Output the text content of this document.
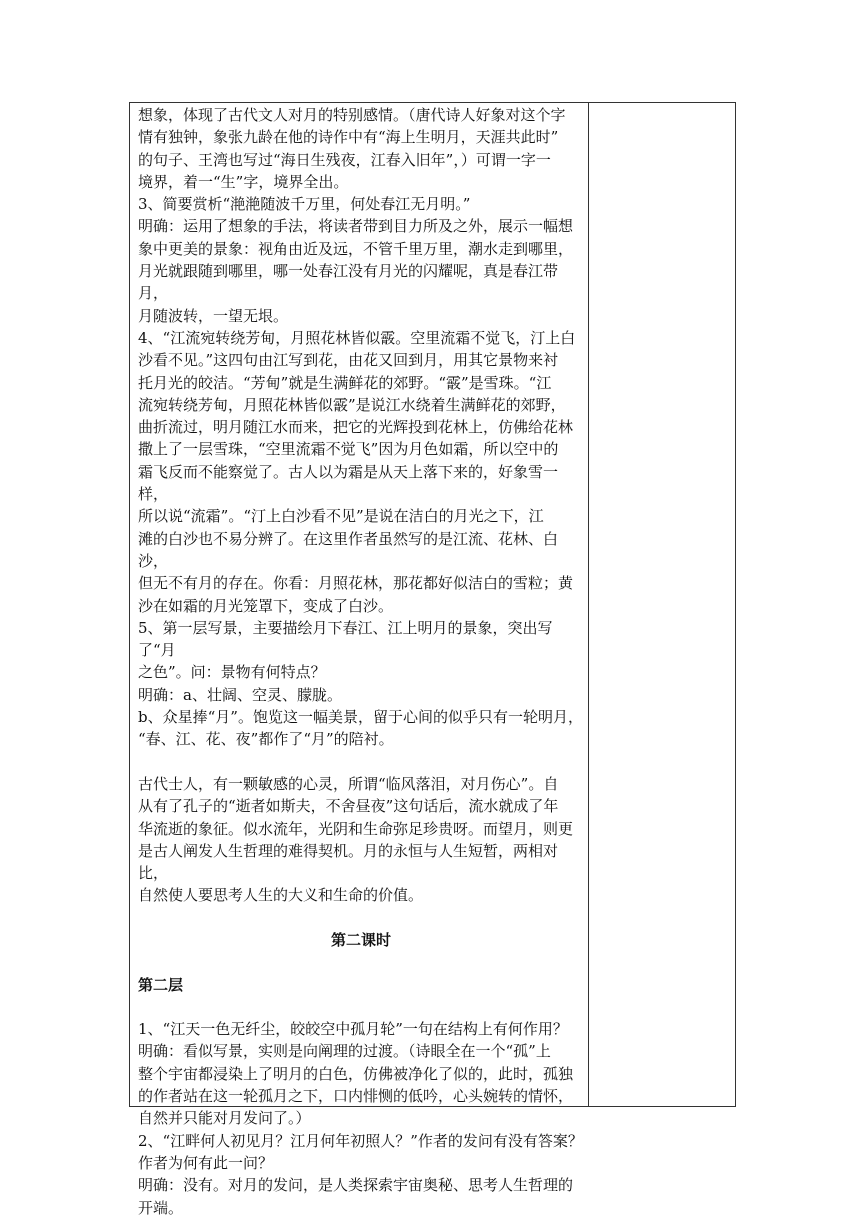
想象，体现了古代文人对月的特别感情。（唐代诗人好象对这个字

情有独钟，象张九龄在他的诗作中有“海上生明月，天涯共此时”

的句子、王湾也写过“海日生残夜，江春入旧年”，）可谓一字一

境界，着一“生”字，境界全出。

3、简要赏析“滟滟随波千万里，何处春江无月明。”

明确：运用了想象的手法，将读者带到目力所及之外，展示一幅想

象中更美的景象：视角由近及远，不管千里万里，潮水走到哪里，

月光就跟随到哪里，哪一处春江没有月光的闪耀呢，真是春江带月，

月随波转，一望无垠。

4、“江流宛转绕芳甸，月照花林皆似霰。空里流霜不觉飞，汀上白

沙看不见。”这四句由江写到花，由花又回到月，用其它景物来衬

托月光的皎洁。“芳甸”就是生满鲜花的郊野。“霰”是雪珠。“江

流宛转绕芳甸，月照花林皆似霰”是说江水绕着生满鲜花的郊野，

曲折流过，明月随江水而来，把它的光辉投到花林上，仿佛给花林

撒上了一层雪珠，“空里流霜不觉飞”因为月色如霜，所以空中的

霜飞反而不能察觉了。古人以为霜是从天上落下来的，好象雪一样，

所以说“流霜”。“汀上白沙看不见”是说在洁白的月光之下，江

滩的白沙也不易分辨了。在这里作者虽然写的是江流、花林、白沙，

但无不有月的存在。你看：月照花林，那花都好似洁白的雪粒；黄

沙在如霜的月光笼罩下，变成了白沙。

5、第一层写景，主要描绘月下春江、江上明月的景象，突出写了“月

之色”。问：景物有何特点？

明确：a、壮阔、空灵、朦胧。

b、众星捧“月”。饱览这一幅美景，留于心间的似乎只有一轮明月，

“春、江、花、夜”都作了“月”的陪衬。

古代士人，有一颗敏感的心灵，所谓“临风落泪，对月伤心”。自

从有了孔子的“逝者如斯夫，不舍昼夜”这句话后，流水就成了年

华流逝的象征。似水流年，光阴和生命弥足珍贵呀。而望月，则更

是古人阐发人生哲理的难得契机。月的永恒与人生短暂，两相对比，

自然使人要思考人生的大义和生命的价值。

第二课时

第二层

1、“江天一色无纤尘，皎皎空中孤月轮”一句在结构上有何作用？

明确：看似写景，实则是向阐理的过渡。（诗眼全在一个“孤”上

整个宇宙都浸染上了明月的白色，仿佛被净化了似的，此时，孤独

的作者站在这一轮孤月之下，口内悱恻的低吟，心头婉转的情怀，

自然并只能对月发问了。）

2、“江畔何人初见月？江月何年初照人？”作者的发问有没有答案？

作者为何有此一问？

明确：没有。对月的发问，是人类探索宇宙奥秘、思考人生哲理的

开端。
